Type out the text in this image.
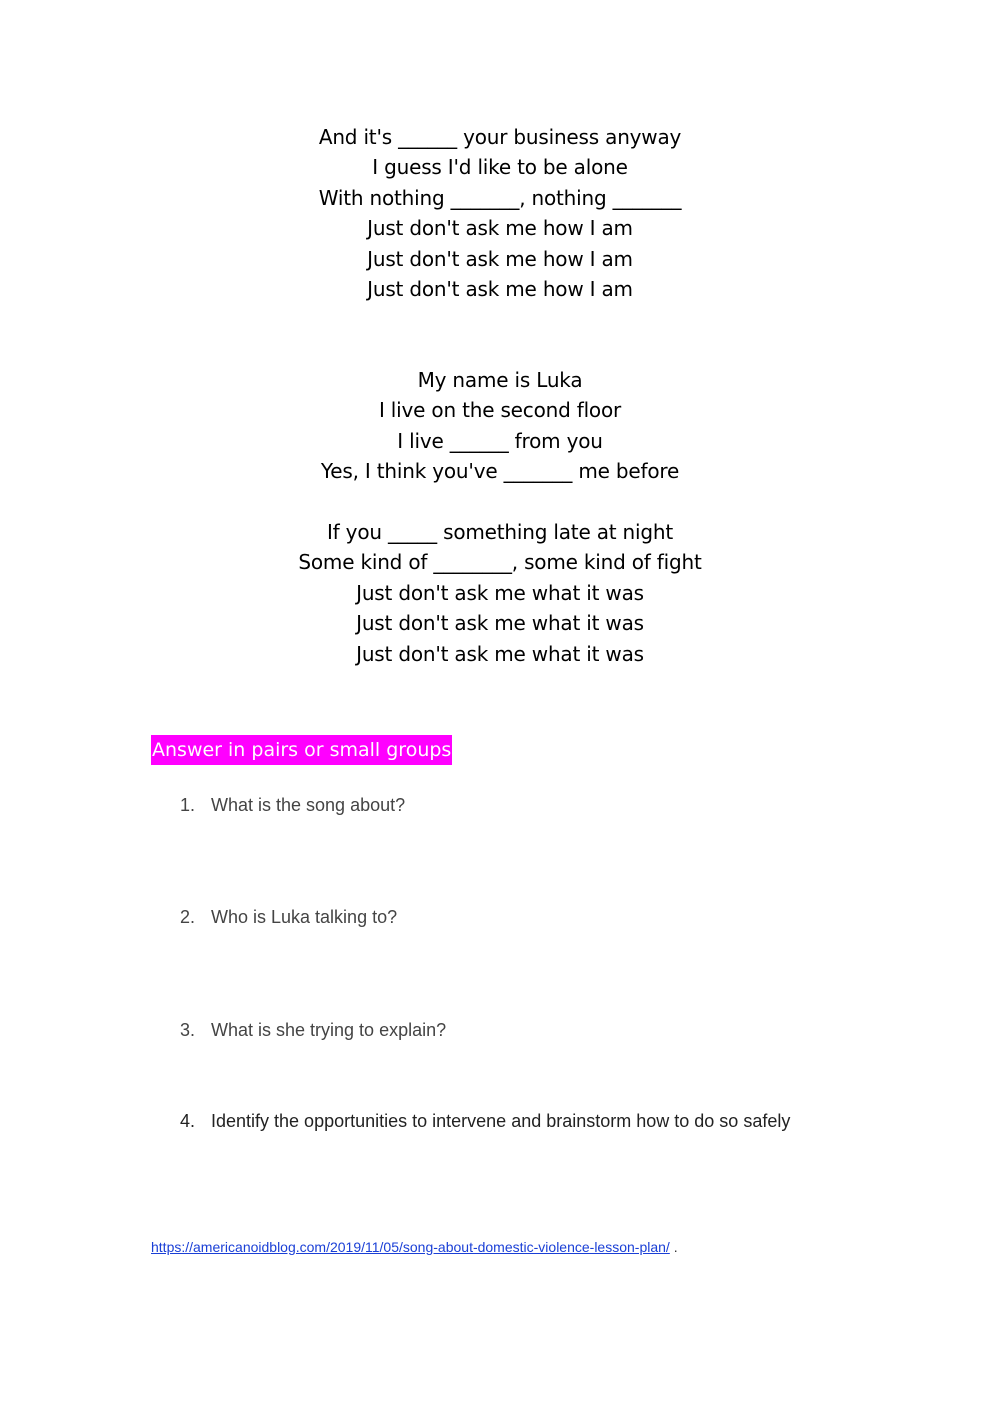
And it's ______ your business anyway
I guess I'd like to be alone
With nothing _______, nothing _______
Just don't ask me how I am
Just don't ask me how I am
Just don't ask me how I am
My name is Luka
I live on the second floor
I live ______ from you
Yes, I think you've _______ me before
If you _____ something late at night
Some kind of ________, some kind of fight
Just don't ask me what it was
Just don't ask me what it was
Just don't ask me what it was
Answer in pairs or small groups
1. What is the song about?
2. Who is Luka talking to?
3. What is she trying to explain?
4. Identify the opportunities to intervene and brainstorm how to do so safely
https://americanoidblog.com/2019/11/05/song-about-domestic-violence-lesson-plan/ .
